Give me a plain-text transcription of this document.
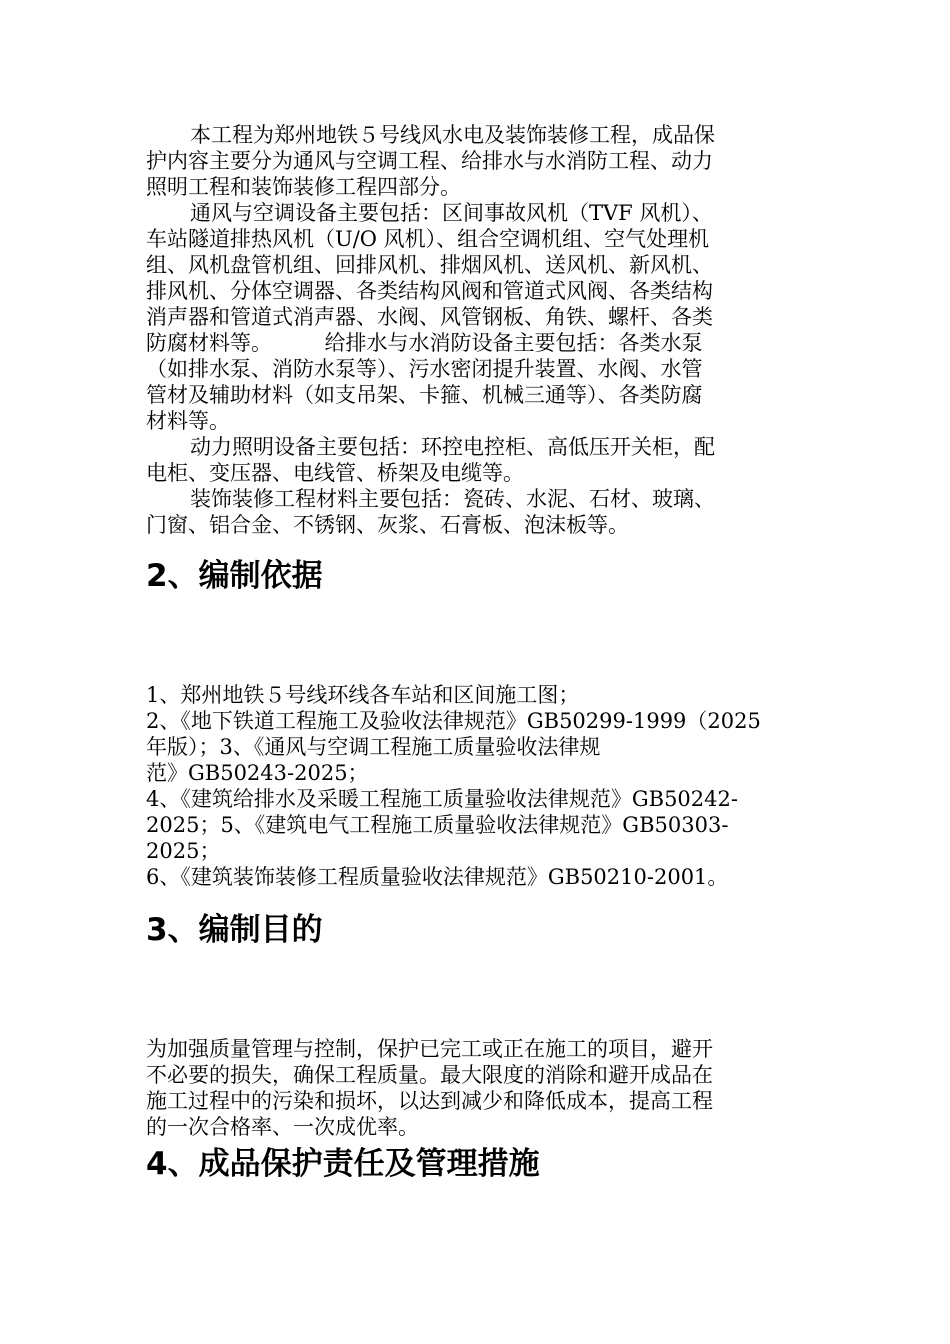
本工程为郑州地铁５号线风水电及装饰装修工程，成品保

护内容主要分为通风与空调工程、给排水与水消防工程、动力

照明工程和装饰装修工程四部分。

通风与空调设备主要包括：区间事故风机（TVF 风机）、

车站隧道排热风机（U/O 风机）、组合空调机组、空气处理机

组、风机盘管机组、回排风机、排烟风机、送风机、新风机、

排风机、分体空调器、各类结构风阀和管道式风阀、各类结构

消声器和管道式消声器、水阀、风管钢板、角铁、螺杆、各类

防腐材料等。　　　给排水与水消防设备主要包括：各类水泵

（如排水泵、消防水泵等）、污水密闭提升装置、水阀、水管

管材及辅助材料（如支吊架、卡箍、机械三通等）、各类防腐

材料等。

动力照明设备主要包括：环控电控柜、高低压开关柜，配

电柜、变压器、电线管、桥架及电缆等。

装饰装修工程材料主要包括：瓷砖、水泥、石材、玻璃、

门窗、铝合金、不锈钢、灰浆、石膏板、泡沫板等。

2、编制依据

1、郑州地铁５号线环线各车站和区间施工图；

2、《地下铁道工程施工及验收法律规范》GB50299-1999（2025

年版）；3、《通风与空调工程施工质量验收法律规

范》GB50243-2025；

4、《建筑给排水及采暖工程施工质量验收法律规范》GB50242-

2025；5、《建筑电气工程施工质量验收法律规范》GB50303-

2025；

6、《建筑装饰装修工程质量验收法律规范》GB50210-2001。

3、编制目的

为加强质量管理与控制，保护已完工或正在施工的项目，避开

不必要的损失，确保工程质量。最大限度的消除和避开成品在

施工过程中的污染和损坏，以达到减少和降低成本，提高工程

的一次合格率、一次成优率。

4、成品保护责任及管理措施
